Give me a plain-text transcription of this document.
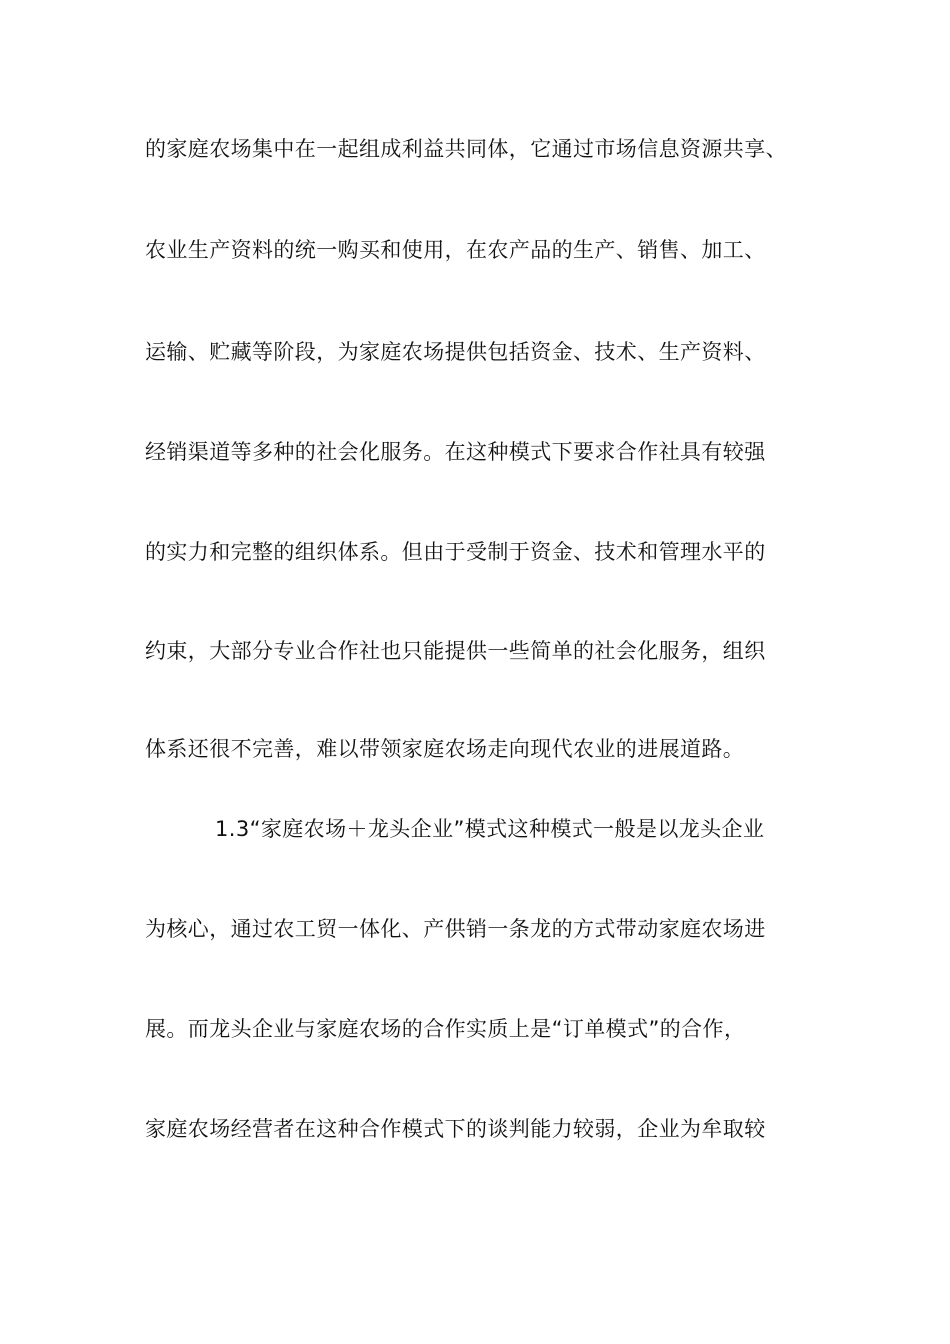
的家庭农场集中在一起组成利益共同体，它通过市场信息资源共享、
农业生产资料的统一购买和使用，在农产品的生产、销售、加工、
运输、贮藏等阶段，为家庭农场提供包括资金、技术、生产资料、
经销渠道等多种的社会化服务。在这种模式下要求合作社具有较强
的实力和完整的组织体系。但由于受制于资金、技术和管理水平的
约束，大部分专业合作社也只能提供一些简单的社会化服务，组织
体系还很不完善，难以带领家庭农场走向现代农业的进展道路。
1.3“家庭农场＋龙头企业”模式这种模式一般是以龙头企业
为核心，通过农工贸一体化、产供销一条龙的方式带动家庭农场进
展。而龙头企业与家庭农场的合作实质上是“订单模式”的合作，
家庭农场经营者在这种合作模式下的谈判能力较弱，企业为牟取较
